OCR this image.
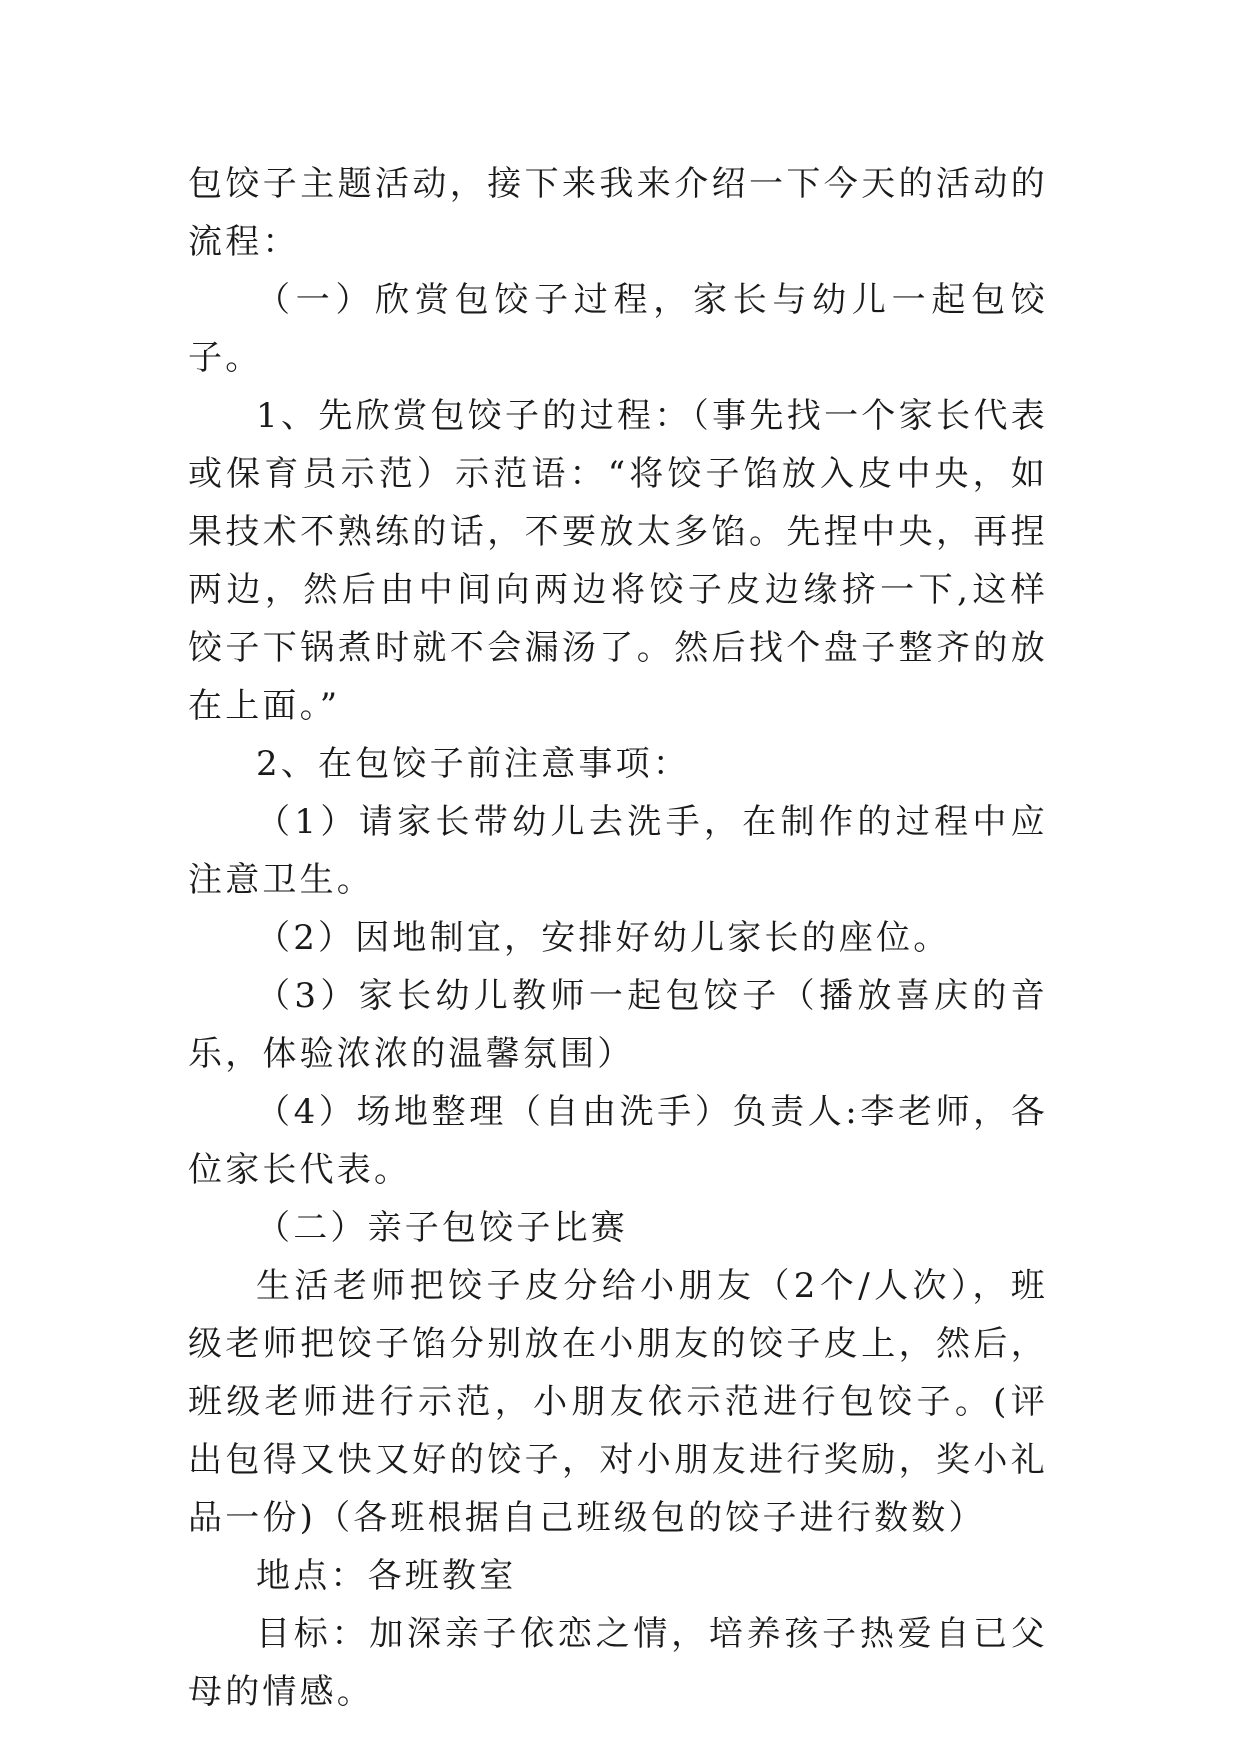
包饺子主题活动，接下来我来介绍一下今天的活动的流程：

（一）欣赏包饺子过程，家长与幼儿一起包饺子。

1、先欣赏包饺子的过程：（事先找一个家长代表或保育员示范）示范语：“将饺子馅放入皮中央，如果技术不熟练的话，不要放太多馅。先捏中央，再捏两边，然后由中间向两边将饺子皮边缘挤一下,这样饺子下锅煮时就不会漏汤了。然后找个盘子整齐的放在上面。”

2、在包饺子前注意事项：

（1）请家长带幼儿去洗手，在制作的过程中应注意卫生。

（2）因地制宜，安排好幼儿家长的座位。

（3）家长幼儿教师一起包饺子（播放喜庆的音乐，体验浓浓的温馨氛围）

（4）场地整理（自由洗手）负责人:李老师，各位家长代表。

（二）亲子包饺子比赛

生活老师把饺子皮分给小朋友（2个/人次），班级老师把饺子馅分别放在小朋友的饺子皮上，然后，班级老师进行示范，小朋友依示范进行包饺子。(评出包得又快又好的饺子，对小朋友进行奖励，奖小礼品一份)（各班根据自己班级包的饺子进行数数）

地点：各班教室

目标：加深亲子依恋之情，培养孩子热爱自已父母的情感。
